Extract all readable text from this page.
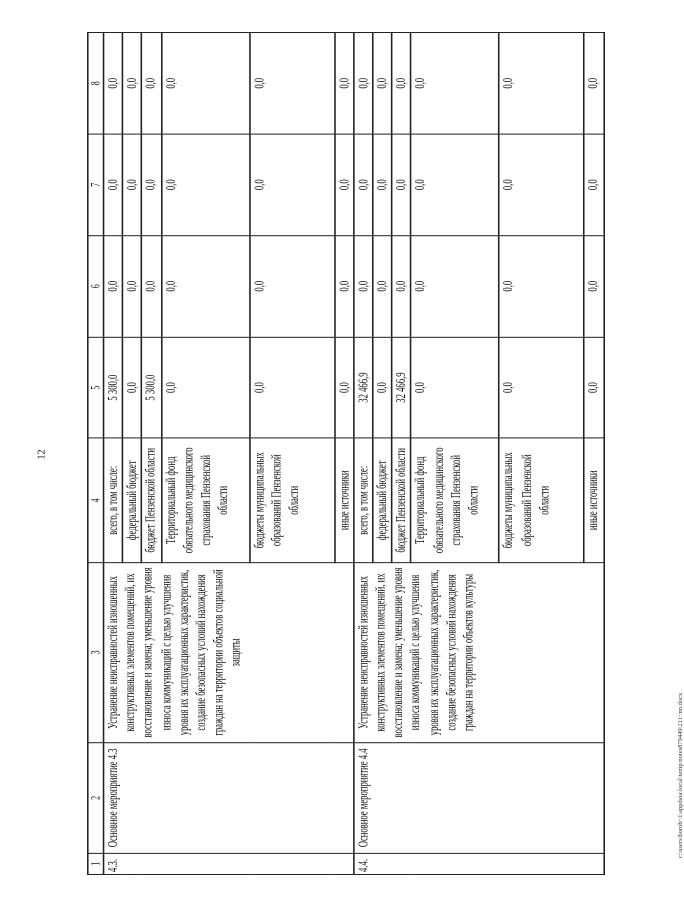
12
1	2	3	4	5	6	7	8
4.3.	Основное мероприятие 4.3	Устранение неисправностей изношенных конструктивных элементов помещений, их восстановление и замена; уменьшение уровня износа коммуникаций с целью улучшения уровня их эксплуатационных характеристик, создание безопасных условий нахождения граждан на территории объектов социальной защиты	всего, в том числе:	5 300,0	0,0	0,0	0,0
			федеральный бюджет	0,0	0,0	0,0	0,0
			бюджет Пензенской области	5 300,0	0,0	0,0	0,0
			Территориальный фонд обязательного медицинского страхования Пензенской области	0,0	0,0	0,0	0,0
			бюджеты муниципальных образований Пензенской области	0,0	0,0	0,0	0,0
			иные источники	0,0	0,0	0,0	0,0
4.4.	Основное мероприятие 4.4	Устранение неисправностей изношенных конструктивных элементов помещений, их восстановление и замена; уменьшение уровня износа коммуникаций с целью улучшения уровня их эксплуатационных характеристик, создание безопасных условий нахождения граждан на территории объектов культуры	всего, в том числе:	32 466,9	0,0	0,0	0,0
			федеральный бюджет	0,0	0,0	0,0	0,0
			бюджет Пензенской области	32 466,9	0,0	0,0	0,0
			Территориальный фонд обязательного медицинского страхования Пензенской области	0,0	0,0	0,0	0,0
			бюджеты муниципальных образований Пензенской области	0,0	0,0	0,0	0,0
			иные источники	0,0	0,0	0,0	0,0
c:\users\borob~1\appdata\local\temp\notes879449\211~nn.docx
